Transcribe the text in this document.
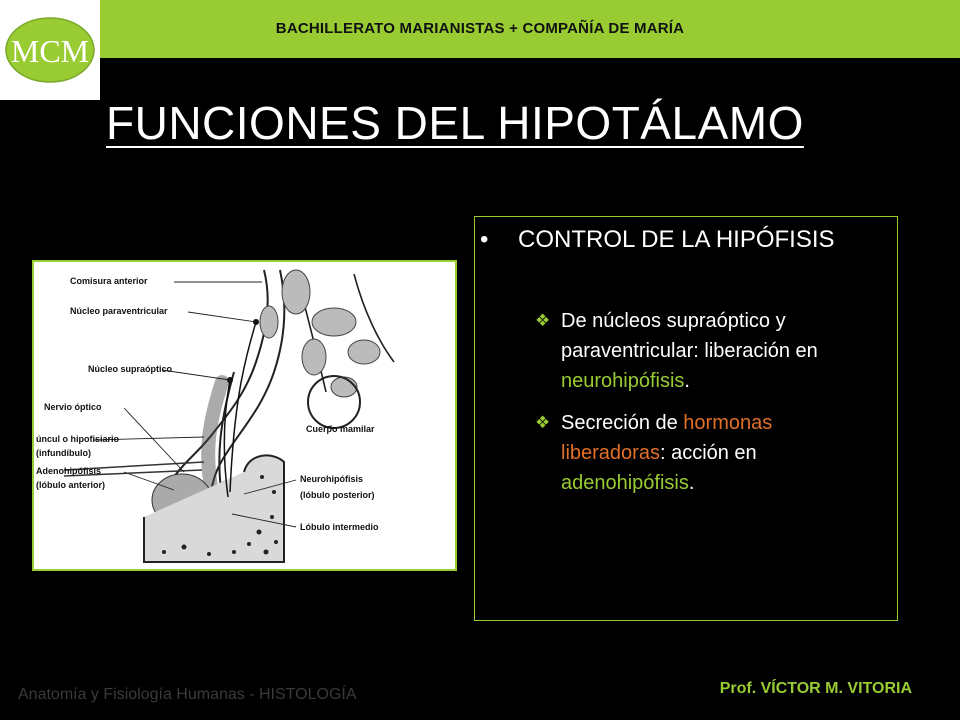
BACHILLERATO MARIANISTAS + COMPAÑÍA DE MARÍA
MCM
FUNCIONES DEL HIPOTÁLAMO
Comisura anterior
Núcleo paraventricular
Núcleo supraóptico
Nervio óptico
úncul o hipofisiario
(infundíbulo)
Adenohipófisis
(lóbulo anterior)
Cuerpo mamilar
Neurohipófisis
(lóbulo posterior)
Lóbulo intermedio
• CONTROL DE LA HIPÓFISIS
❖ De núcleos supraóptico y paraventricular: liberación en neurohipófisis.
❖ Secreción de hormonas liberadoras: acción en adenohipófisis.
Anatomía y Fisiología Humanas - HISTOLOGÍA	Prof. VÍCTOR M. VITORIA
